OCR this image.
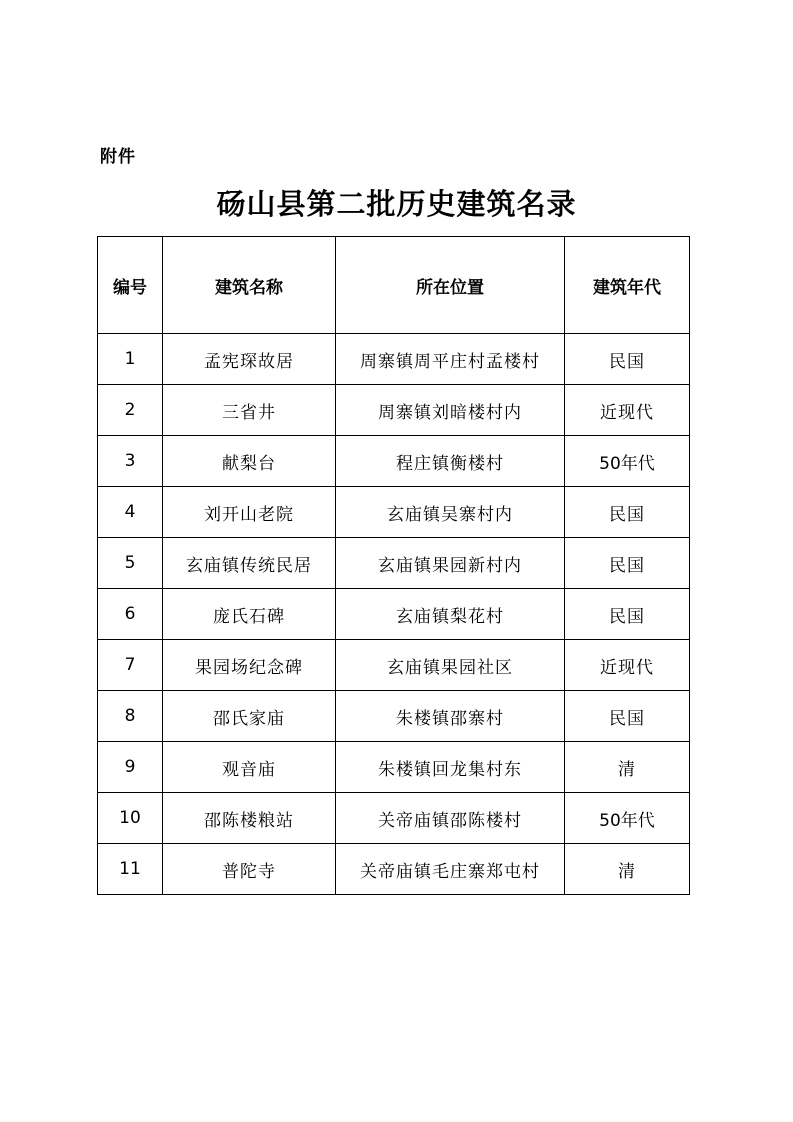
附件
砀山县第二批历史建筑名录
编号	建筑名称	所在位置	建筑年代
1	孟宪琛故居	周寨镇周平庄村孟楼村	民国
2	三省井	周寨镇刘暗楼村内	近现代
3	献梨台	程庄镇衡楼村	50年代
4	刘开山老院	玄庙镇吴寨村内	民国
5	玄庙镇传统民居	玄庙镇果园新村内	民国
6	庞氏石碑	玄庙镇梨花村	民国
7	果园场纪念碑	玄庙镇果园社区	近现代
8	邵氏家庙	朱楼镇邵寨村	民国
9	观音庙	朱楼镇回龙集村东	清
10	邵陈楼粮站	关帝庙镇邵陈楼村	50年代
11	普陀寺	关帝庙镇毛庄寨郑屯村	清
